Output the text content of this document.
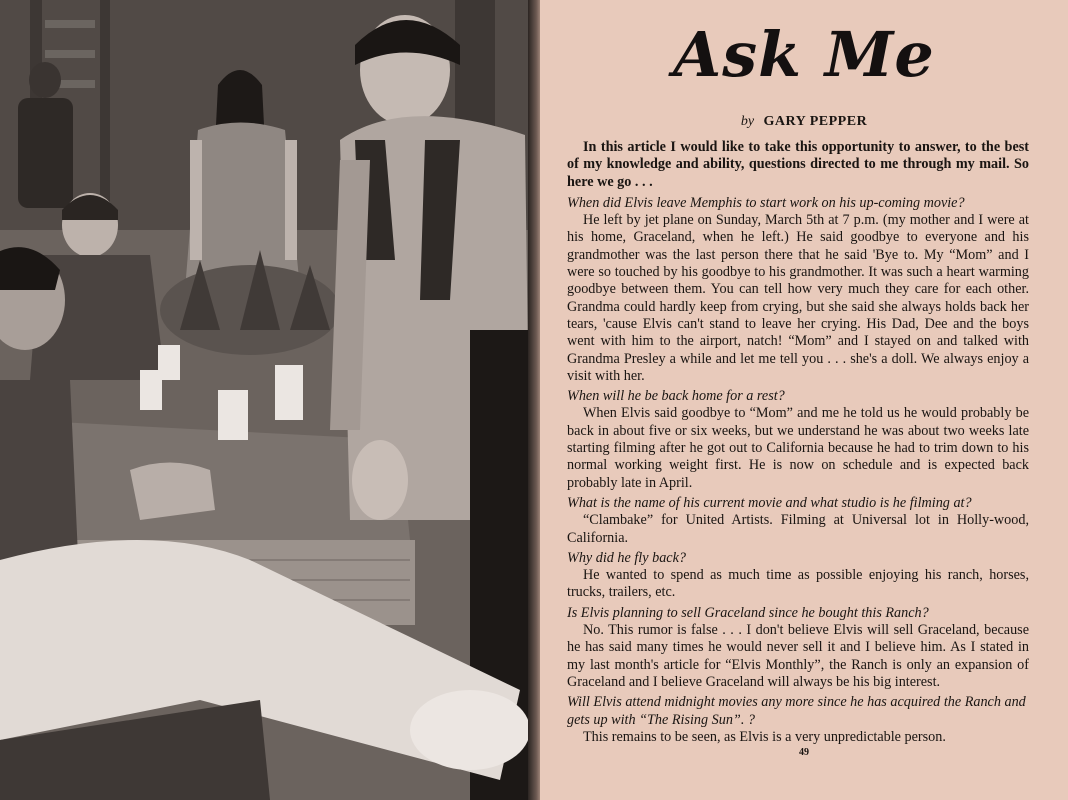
Ask Me

by GARY PEPPER

In this article I would like to take this opportunity to answer, to the best of my knowledge and ability, questions directed to me through my mail. So here we go . . .

When did Elvis leave Memphis to start work on his up-coming movie?

He left by jet plane on Sunday, March 5th at 7 p.m. (my mother and I were at his home, Graceland, when he left.) He said goodbye to everyone and his grandmother was the last person there that he said 'Bye to. My “Mom” and I were so touched by his goodbye to his grandmother. It was such a heart warming goodbye between them. You can tell how very much they care for each other. Grandma could hardly keep from crying, but she said she always holds back her tears, 'cause Elvis can't stand to leave her crying. His Dad, Dee and the boys went with him to the airport, natch! “Mom” and I stayed on and talked with Grandma Presley a while and let me tell you . . . she's a doll. We always enjoy a visit with her.

When will he be back home for a rest?

When Elvis said goodbye to “Mom” and me he told us he would probably be back in about five or six weeks, but we understand he was about two weeks late starting filming after he got out to California because he had to trim down to his normal working weight first. He is now on schedule and is expected back probably late in April.

What is the name of his current movie and what studio is he filming at?

“Clambake” for United Artists. Filming at Universal lot in Holly-wood, California.

Why did he fly back?

He wanted to spend as much time as possible enjoying his ranch, horses, trucks, trailers, etc.

Is Elvis planning to sell Graceland since he bought this Ranch?

No. This rumor is false . . . I don't believe Elvis will sell Graceland, because he has said many times he would never sell it and I believe him. As I stated in my last month's article for “Elvis Monthly”, the Ranch is only an expansion of Graceland and I believe Graceland will always be his big interest.

Will Elvis attend midnight movies any more since he has acquired the Ranch and gets up with “The Rising Sun”. ?

This remains to be seen, as Elvis is a very unpredictable person.

49
